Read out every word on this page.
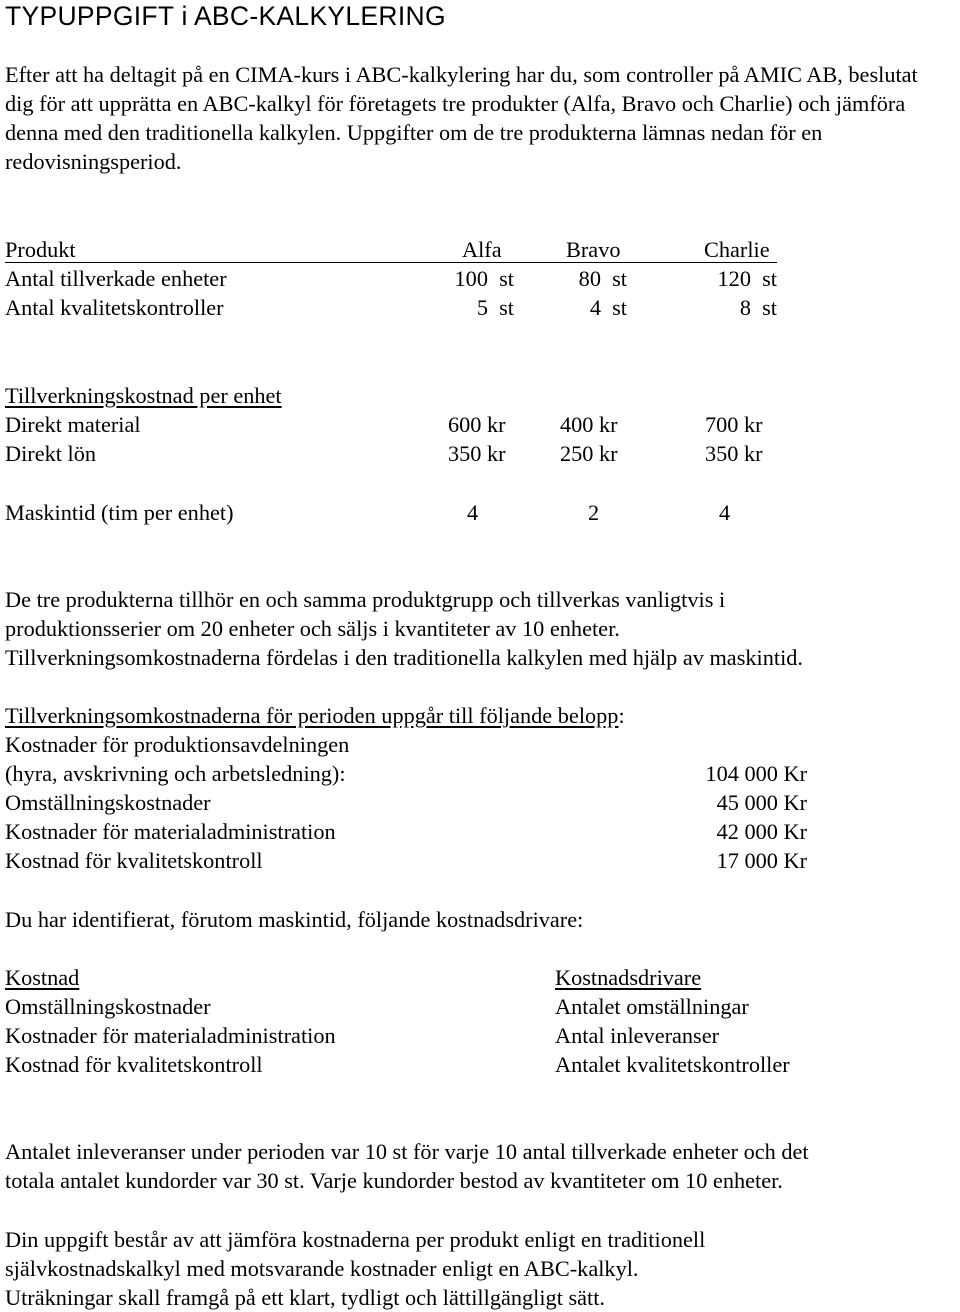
TYPUPPGIFT i ABC-KALKYLERING

Efter att ha deltagit på en CIMA-kurs i ABC-kalkylering har du, som controller på AMIC AB, beslutat dig för att upprätta en ABC-kalkyl för företagets tre produkter (Alfa, Bravo och Charlie) och jämföra denna med den traditionella kalkylen. Uppgifter om de tre produkterna lämnas nedan för en redovisningsperiod.

Produkt	Alfa	Bravo	Charlie
Antal tillverkade enheter	100  st	80  st	120  st
Antal kvalitetskontroller	5  st	4  st	8  st
Tillverkningskostnad per enhet
Direkt material	600 kr 400 kr	700 kr
Direkt lön	350 kr 250 kr	350 kr
Maskintid (tim per enhet)	4	2	4
De tre produkterna tillhör en och samma produktgrupp och tillverkas vanligtvis i
produktionsserier om 20 enheter och säljs i kvantiteter av 10 enheter.
Tillverkningsomkostnaderna fördelas i den traditionella kalkylen med hjälp av maskintid.
Tillverkningsomkostnaderna för perioden uppgår till följande belopp:
Kostnader för produktionsavdelningen
(hyra, avskrivning och arbetsledning):	104 000 Kr
Omställningskostnader	45 000 Kr
Kostnader för materialadministration	42 000 Kr
Kostnad för kvalitetskontroll	17 000 Kr
Du har identifierat, förutom maskintid, följande kostnadsdrivare:
Kostnad	Kostnadsdrivare
Omställningskostnader	Antalet omställningar
Kostnader för materialadministration	Antal inleveranser
Kostnad för kvalitetskontroll	Antalet kvalitetskontroller
Antalet inleveranser under perioden var 10 st för varje 10 antal tillverkade enheter och det
totala antalet kundorder var 30 st. Varje kundorder bestod av kvantiteter om 10 enheter.
Din uppgift består av att jämföra kostnaderna per produkt enligt en traditionell
självkostnadskalkyl med motsvarande kostnader enligt en ABC-kalkyl.
Uträkningar skall framgå på ett klart, tydligt och lättillgängligt sätt.
